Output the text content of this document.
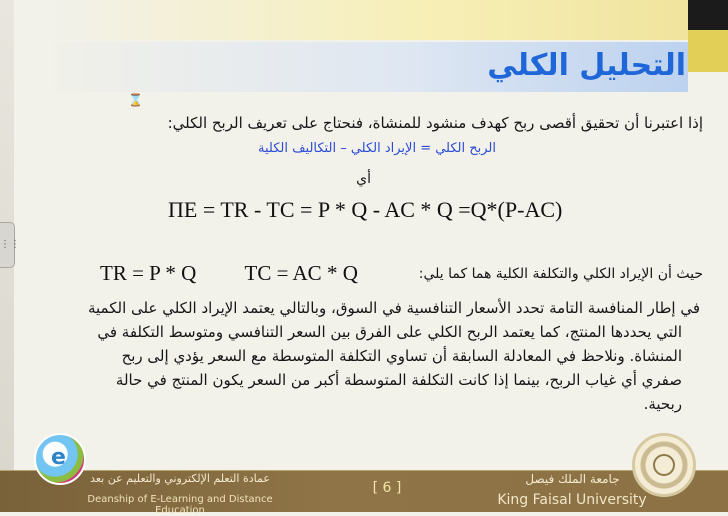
⋮⋮
التحليل الكلي
⌛
إذا اعتبرنا أن تحقيق أقصى ربح كهدف منشود للمنشاة، فنحتاج على تعريف الربح الكلي:
الربح الكلي = الإيراد الكلي – التكاليف الكلية
أي
ΠE = TR - TC = P * Q - AC * Q =Q*(P-AC)
حيث أن الإيراد الكلي والتكلفة الكلية هما كما يلي:
TR = P * Q TC = AC * Q
في إطار المنافسة التامة تحدد الأسعار التنافسية في السوق، وبالتالي يعتمد الإيراد الكلي على الكمية
التي يحددها المنتج، كما يعتمد الربح الكلي على الفرق بين السعر التنافسي ومتوسط التكلفة في
المنشاة. ونلاحظ في المعادلة السابقة أن تساوي التكلفة المتوسطة مع السعر يؤدي إلى ربح
صفري أي غياب الربح، بينما إذا كانت التكلفة المتوسطة أكبر من السعر يكون المنتج في حالة
ربحية.
e
عمادة التعلم الإلكتروني والتعليم عن بعد
Deanship of E-Learning and Distance Education
[ 6 ]
جامعة الملك فيصل
King Faisal University
